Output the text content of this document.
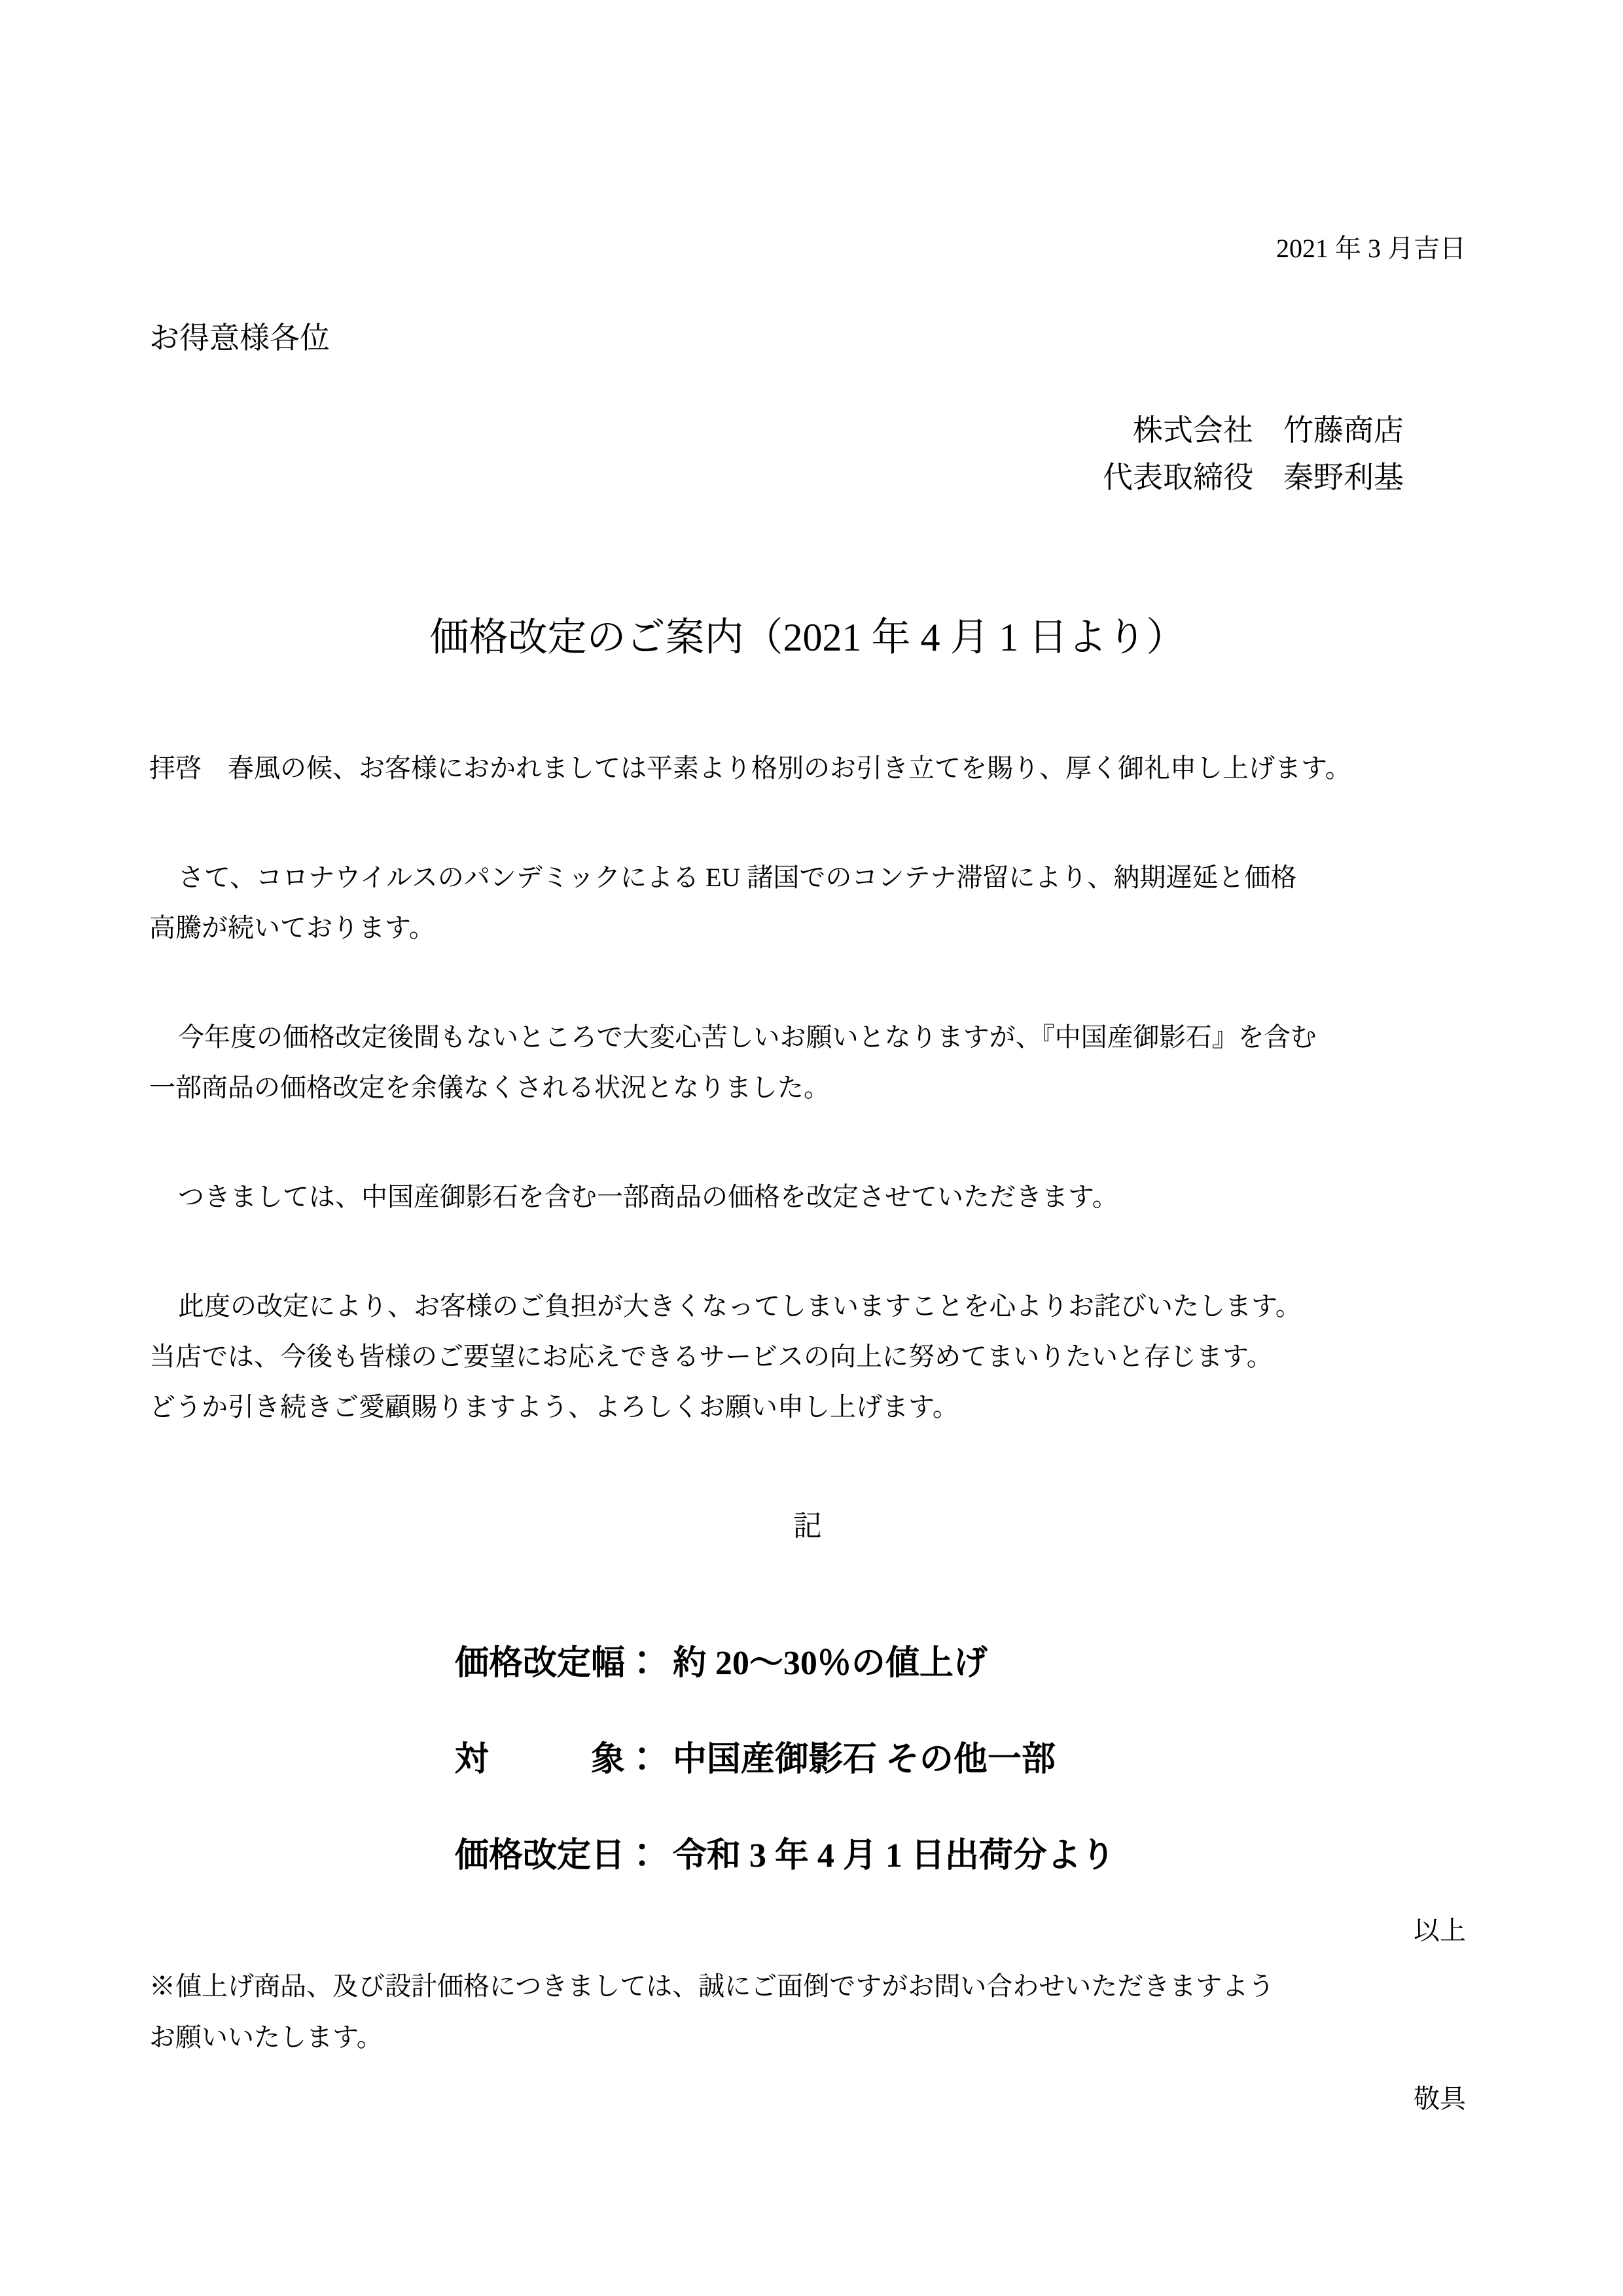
2021 年 3 月吉日
お得意様各位
株式会社　竹藤商店
代表取締役　秦野利基
価格改定のご案内（2021 年 4 月 1 日より）
拝啓　春風の候、お客様におかれましては平素より格別のお引き立てを賜り、厚く御礼申し上げます。
さて、コロナウイルスのパンデミックによる EU 諸国でのコンテナ滞留により、納期遅延と価格
高騰が続いております。
今年度の価格改定後間もないところで大変心苦しいお願いとなりますが、『中国産御影石』を含む
一部商品の価格改定を余儀なくされる状況となりました。
つきましては、中国産御影石を含む一部商品の価格を改定させていただきます。
此度の改定により、お客様のご負担が大きくなってしまいますことを心よりお詫びいたします。
当店では、今後も皆様のご要望にお応えできるサービスの向上に努めてまいりたいと存じます。
どうか引き続きご愛顧賜りますよう、よろしくお願い申し上げます。
記
価格改定幅： 約 20～30％の値上げ
対　　　象： 中国産御影石 その他一部
価格改定日： 令和 3 年 4 月 1 日出荷分より
以上
※値上げ商品、及び設計価格につきましては、誠にご面倒ですがお問い合わせいただきますよう
お願いいたします。
敬具
